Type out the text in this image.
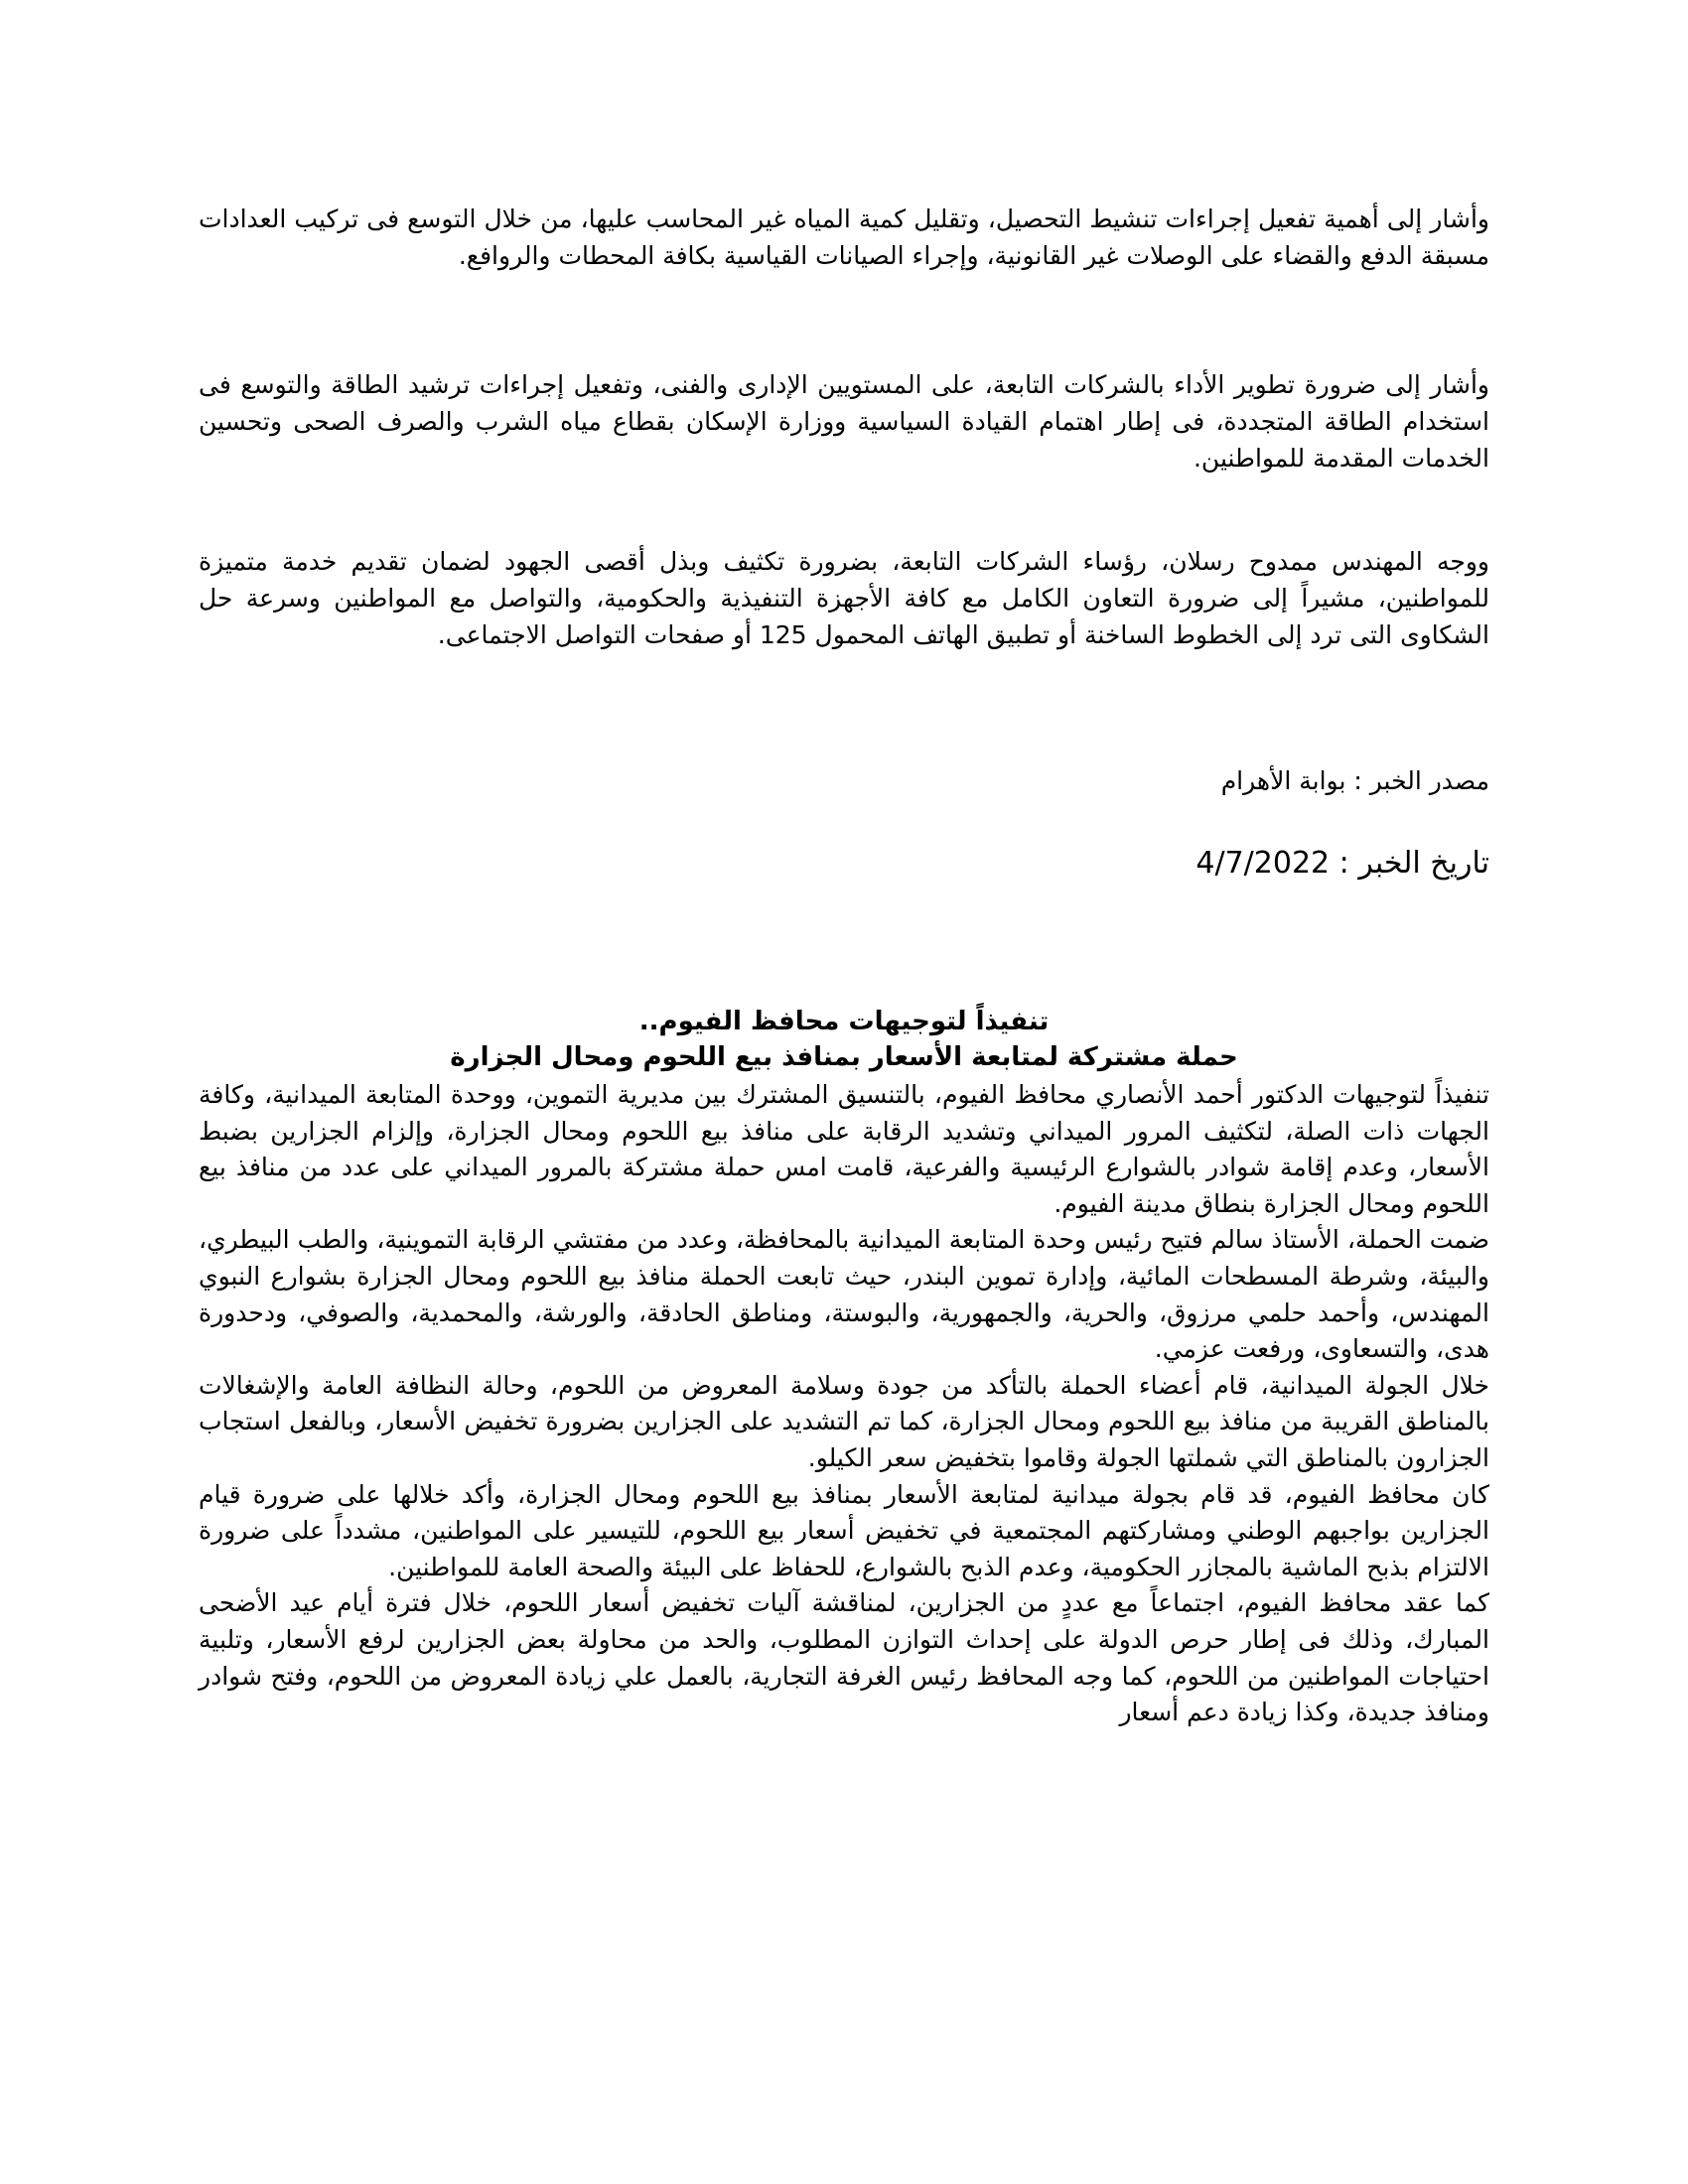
وأشار إلى أهمية تفعيل إجراءات تنشيط التحصيل، وتقليل كمية المياه غير المحاسب عليها، من خلال التوسع فى تركيب العدادات مسبقة الدفع والقضاء على الوصلات غير القانونية، وإجراء الصيانات القياسية بكافة المحطات والروافع.

وأشار إلى ضرورة تطوير الأداء بالشركات التابعة، على المستويين الإدارى والفنى، وتفعيل إجراءات ترشيد الطاقة والتوسع فى استخدام الطاقة المتجددة، فى إطار اهتمام القيادة السياسية ووزارة الإسكان بقطاع مياه الشرب والصرف الصحى وتحسين الخدمات المقدمة للمواطنين.

ووجه المهندس ممدوح رسلان، رؤساء الشركات التابعة، بضرورة تكثيف وبذل أقصى الجهود لضمان تقديم خدمة متميزة للمواطنين، مشيراً إلى ضرورة التعاون الكامل مع كافة الأجهزة التنفيذية والحكومية، والتواصل مع المواطنين وسرعة حل الشكاوى التى ترد إلى الخطوط الساخنة أو تطبيق الهاتف المحمول 125 أو صفحات التواصل الاجتماعى.

مصدر الخبر : بوابة الأهرام

تاريخ الخبر : 4/7/2022
تنفيذاً لتوجيهات محافظ الفيوم..
حملة مشتركة لمتابعة الأسعار بمنافذ بيع اللحوم ومحال الجزارة

تنفيذاً لتوجيهات الدكتور أحمد الأنصاري محافظ الفيوم، بالتنسيق المشترك بين مديرية التموين، ووحدة المتابعة الميدانية، وكافة الجهات ذات الصلة، لتكثيف المرور الميداني وتشديد الرقابة على منافذ بيع اللحوم ومحال الجزارة، وإلزام الجزارين بضبط الأسعار، وعدم إقامة شوادر بالشوارع الرئيسية والفرعية، قامت امس حملة مشتركة بالمرور الميداني على عدد من منافذ بيع اللحوم ومحال الجزارة بنطاق مدينة الفيوم.

ضمت الحملة، الأستاذ سالم فتيح رئيس وحدة المتابعة الميدانية بالمحافظة، وعدد من مفتشي الرقابة التموينية، والطب البيطري، والبيئة، وشرطة المسطحات المائية، وإدارة تموين البندر، حيث تابعت الحملة منافذ بيع اللحوم ومحال الجزارة بشوارع النبوي المهندس، وأحمد حلمي مرزوق، والحرية، والجمهورية، والبوستة، ومناطق الحادقة، والورشة، والمحمدية، والصوفي، ودحدورة هدى، والتسعاوى، ورفعت عزمي.

خلال الجولة الميدانية، قام أعضاء الحملة بالتأكد من جودة وسلامة المعروض من اللحوم، وحالة النظافة العامة والإشغالات بالمناطق القريبة من منافذ بيع اللحوم ومحال الجزارة، كما تم التشديد على الجزارين بضرورة تخفيض الأسعار، وبالفعل استجاب الجزارون بالمناطق التي شملتها الجولة وقاموا بتخفيض سعر الكيلو.

كان محافظ الفيوم، قد قام بجولة ميدانية لمتابعة الأسعار بمنافذ بيع اللحوم ومحال الجزارة، وأكد خلالها على ضرورة قيام الجزارين بواجبهم الوطني ومشاركتهم المجتمعية في تخفيض أسعار بيع اللحوم، للتيسير على المواطنين، مشدداً على ضرورة الالتزام بذبح الماشية بالمجازر الحكومية، وعدم الذبح بالشوارع، للحفاظ على البيئة والصحة العامة للمواطنين.

كما عقد محافظ الفيوم، اجتماعاً مع عددٍ من الجزارين، لمناقشة آليات تخفيض أسعار اللحوم، خلال فترة أيام عيد الأضحى المبارك، وذلك فى إطار حرص الدولة على إحداث التوازن المطلوب، والحد من محاولة بعض الجزارين لرفع الأسعار، وتلبية احتياجات المواطنين من اللحوم، كما وجه المحافظ رئيس الغرفة التجارية، بالعمل علي زيادة المعروض من اللحوم، وفتح شوادر ومنافذ جديدة، وكذا زيادة دعم أسعار
